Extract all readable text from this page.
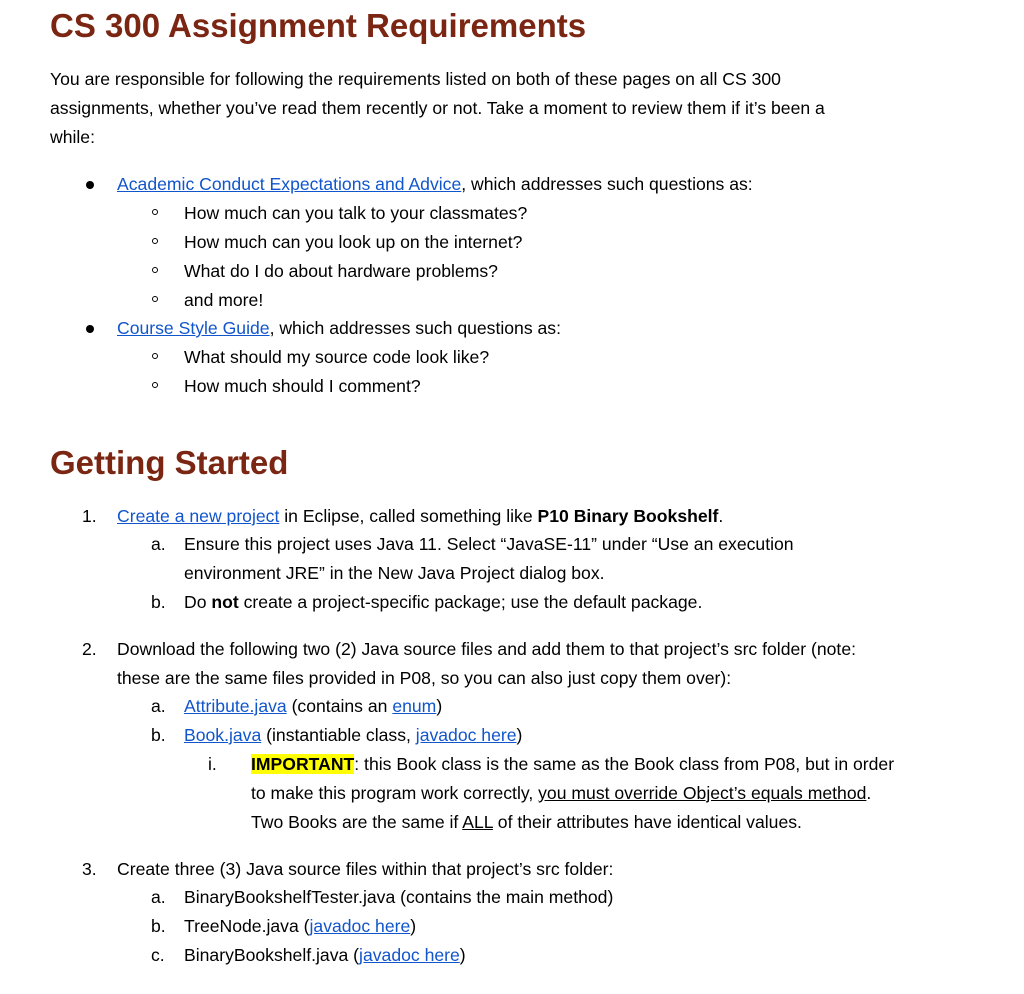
CS 300 Assignment Requirements
You are responsible for following the requirements listed on both of these pages on all CS 300
assignments, whether you’ve read them recently or not. Take a moment to review them if it’s been a
while:
Academic Conduct Expectations and Advice, which addresses such questions as:
How much can you talk to your classmates?
How much can you look up on the internet?
What do I do about hardware problems?
and more!
Course Style Guide, which addresses such questions as:
What should my source code look like?
How much should I comment?
Getting Started
1. Create a new project in Eclipse, called something like P10 Binary Bookshelf.
a. Ensure this project uses Java 11. Select “JavaSE-11” under “Use an execution
environment JRE” in the New Java Project dialog box.
b. Do not create a project-specific package; use the default package.
2. Download the following two (2) Java source files and add them to that project’s src folder (note:
these are the same files provided in P08, so you can also just copy them over):
a. Attribute.java (contains an enum)
b. Book.java (instantiable class, javadoc here)
i. IMPORTANT: this Book class is the same as the Book class from P08, but in order
to make this program work correctly, you must override Object’s equals method.
Two Books are the same if ALL of their attributes have identical values.
3. Create three (3) Java source files within that project’s src folder:
a. BinaryBookshelfTester.java (contains the main method)
b. TreeNode.java (javadoc here)
c. BinaryBookshelf.java (javadoc here)
